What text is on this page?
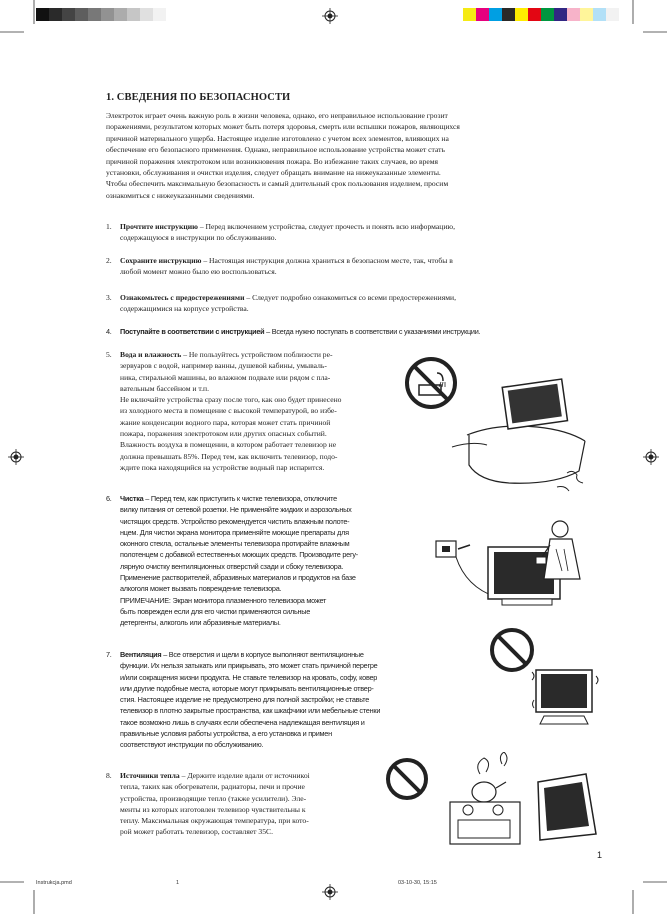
1. СВЕДЕНИЯ ПО БЕЗОПАСНОСТИ
Электроток играет очень важную роль в жизни человека, однако, его неправильное использование грозит
поражениями, результатом которых может быть потеря здоровья, смерть или вспышки пожаров, являющихся
причиной материального ущерба. Настоящее изделие изготовлено с учетом всех элементов, влияющих на
обеспечение его безопасного применения. Однако, неправильное использование устройства может стать
причиной поражения электротоком или возникновения пожара. Во избежание таких случаев, во время
установки, обслуживания и очистки изделия, следует обращать внимание на нижеуказанные элементы.
Чтобы обеспечить максимальную безопасность и самый длительный срок пользования изделием, просим
ознакомиться с нижеуказанными сведениями.
1. Прочтите инструкцию – Перед включением устройства, следует прочесть и понять всю информацию,
содержащуюся в инструкции по обслуживанию.
2. Сохраните инструкцию – Настоящая инструкция должна храниться в безопасном месте, так, чтобы в
любой момент можно было ею воспользоваться.
3. Ознакомьтесь с предостережениями – Следует подробно ознакомиться со всеми предостережениями,
содержащимися на корпусе устройства.
4. Поступайте в соответствии с инструкцией – Всегда нужно поступать в соответствии с указаниями инструкции.
5. Вода и влажность – Не пользуйтесь устройством поблизости ре-
зервуаров с водой, например ванны, душевой кабины, умываль-
ника, стиральной машины, во влажном подвале или рядом с пла-
вательным бассейном и т.п.
Не включайте устройства сразу после того, как оно будет принесено
из холодного места в помещение с высокой температурой, во избе-
жание конденсации водного пара, которая может стать причиной
пожара, поражения электротоком или других опасных событий.
Влажность воздуха в помещении, в котором работает телевизор не
должна превышать 85%. Перед тем, как включить телевизор, подо-
ждите пока находящийся на устройстве водный пар испарится.
6. Чистка – Перед тем, как приступить к чистке телевизора, отключите
вилку питания от сетевой розетки. Не применяйте жидких и аэрозольных
чистящих средств. Устройство рекомендуется чистить влажным полоте-
нцем. Для чистки экрана монитора применяйте моющие препараты для
оконного стекла, остальные элементы телевизора протирайте влажным
полотенцем с добавкой естественных моющих средств. Производите регу-
лярную очистку вентиляционных отверстий сзади и сбоку телевизора.
Применение растворителей, абразивных материалов и продуктов на базе
алкоголя может вызвать повреждение телевизора.
ПРИМЕЧАНИЕ: Экран монитора плазменного телевизора может
быть поврежден если для его чистки применяются сильные
детергенты, алкоголь или абразивные материалы.
7. Вентиляция – Все отверстия и щели в корпусе выполняют вентиляционные
функции. Их нельзя затыкать или прикрывать, это может стать причиной перегре
и/или сокращения жизни продукта. Не ставьте телевизор на кровать, софу, ковер
или другие подобные места, которые могут прикрывать вентиляционные отвер-
стия. Настоящее изделие не предусмотрено для полной застройки; не ставьте
телевизор в плотно закрытые пространства, как шкафчики или мебельные стенки
такое возможно лишь в случаях если обеспечена надлежащая вентиляция и
правильные условия работы устройства, а его установка и примен
соответствуют инструкции по обслуживанию.
8. Источники тепла – Держите изделие вдали от источникоі
тепла, таких как обогреватели, радиаторы, печи и прочие
устройства, производящие тепло (также усилители). Эле-
менты из которых изготовлен телевизор чувствительны к
теплу. Максимальная окружающая температура, при кото-
рой может работать телевизор, составляет 35С.
1
Instrukcja.pmd	1	03-10-30, 15:15
